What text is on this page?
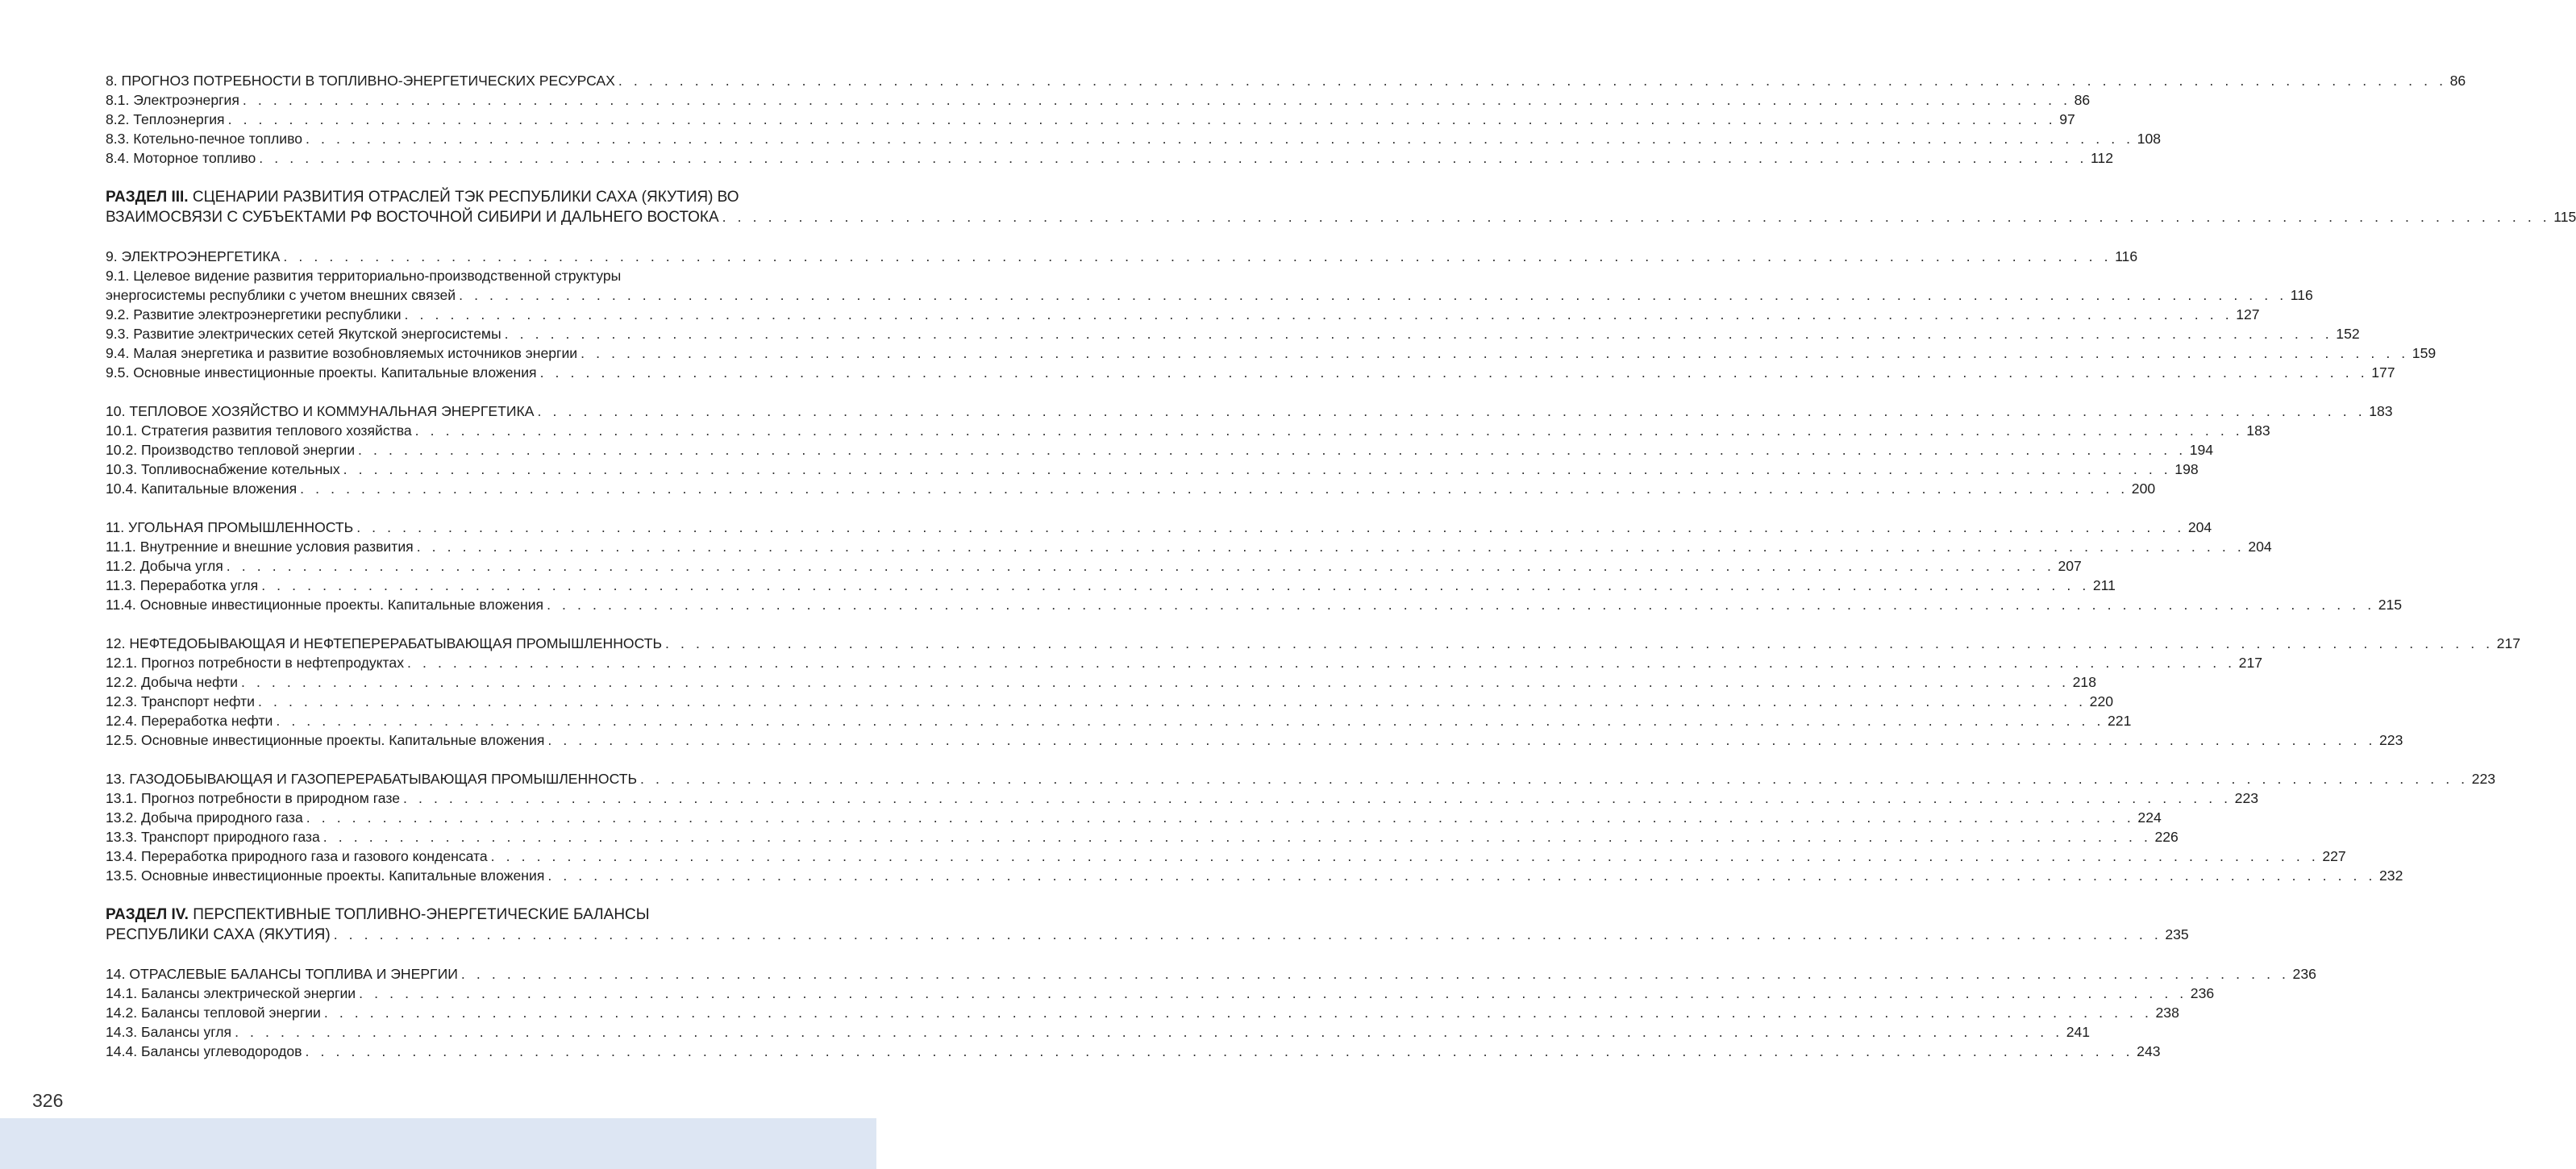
8. ПРОГНОЗ ПОТРЕБНОСТИ В ТОПЛИВНО-ЭНЕРГЕТИЧЕСКИХ РЕСУРСАХ . . . . . . . . . . . . . . . . . . . . . . . . . . . . . . . . . . . . . . . . . . . . . . . . . . . . . . . . . . . . . . . . . . . . . . . . . . . . . . . . . . . . . . . . . . . . . . . . . . . . . . . . . . . . . . . . . . . . . . . . 86
8.1. Электроэнергия . . . . . . . . . . . . . . . . . . . . . . . . . . . . . . . . . . . . . . . . . . . . . . . . . . . . . . . . . . . . . . . . . . . . . . . . . . . . . . . . . . . . . . . . . . . . . . . . . . . . . . . . . . . . . . . . . . . . . . . . 86
8.2. Теплоэнергия . . . . . . . . . . . . . . . . . . . . . . . . . . . . . . . . . . . . . . . . . . . . . . . . . . . . . . . . . . . . . . . . . . . . . . . . . . . . . . . . . . . . . . . . . . . . . . . . . . . . . . . . . . . . . . . . . . . . . . . . 97
8.3. Котельно-печное топливо . . . . . . . . . . . . . . . . . . . . . . . . . . . . . . . . . . . . . . . . . . . . . . . . . . . . . . . . . . . . . . . . . . . . . . . . . . . . . . . . . . . . . . . . . . . . . . . . . . . . . . . . . . . . . . . . . . . . . . . . 108
8.4. Моторное топливо . . . . . . . . . . . . . . . . . . . . . . . . . . . . . . . . . . . . . . . . . . . . . . . . . . . . . . . . . . . . . . . . . . . . . . . . . . . . . . . . . . . . . . . . . . . . . . . . . . . . . . . . . . . . . . . . . . . . . . . . 112
РАЗДЕЛ III. СЦЕНАРИИ РАЗВИТИЯ ОТРАСЛЕЙ ТЭК РЕСПУБЛИКИ САХА (ЯКУТИЯ) ВО
ВЗАИМОСВЯЗИ С СУБЪЕКТАМИ РФ ВОСТОЧНОЙ СИБИРИ И ДАЛЬНЕГО ВОСТОКА . . . . . . . . . . . . . . . . . . . . . . . . . . . . . . . . . . . . . . . . . . . . . . . . . . . . . . . . . . . . . . . . . . . . . . . . . . . . . . . . . . . . . . . . . . . . . . . . . . . . . . . . . . . . . . . . . . . . . . . . 115
9. ЭЛЕКТРОЭНЕРГЕТИКА . . . . . . . . . . . . . . . . . . . . . . . . . . . . . . . . . . . . . . . . . . . . . . . . . . . . . . . . . . . . . . . . . . . . . . . . . . . . . . . . . . . . . . . . . . . . . . . . . . . . . . . . . . . . . . . . . . . . . . . . 116
9.1. Целевое видение развития территориально-производственной структуры
энергосистемы республики с учетом внешних связей . . . . . . . . . . . . . . . . . . . . . . . . . . . . . . . . . . . . . . . . . . . . . . . . . . . . . . . . . . . . . . . . . . . . . . . . . . . . . . . . . . . . . . . . . . . . . . . . . . . . . . . . . . . . . . . . . . . . . . . . 116
9.2. Развитие электроэнергетики республики . . . . . . . . . . . . . . . . . . . . . . . . . . . . . . . . . . . . . . . . . . . . . . . . . . . . . . . . . . . . . . . . . . . . . . . . . . . . . . . . . . . . . . . . . . . . . . . . . . . . . . . . . . . . . . . . . . . . . . . . 127
9.3. Развитие электрических сетей Якутской энергосистемы . . . . . . . . . . . . . . . . . . . . . . . . . . . . . . . . . . . . . . . . . . . . . . . . . . . . . . . . . . . . . . . . . . . . . . . . . . . . . . . . . . . . . . . . . . . . . . . . . . . . . . . . . . . . . . . . . . . . . . . . 152
9.4. Малая энергетика и развитие возобновляемых источников энергии . . . . . . . . . . . . . . . . . . . . . . . . . . . . . . . . . . . . . . . . . . . . . . . . . . . . . . . . . . . . . . . . . . . . . . . . . . . . . . . . . . . . . . . . . . . . . . . . . . . . . . . . . . . . . . . . . . . . . . . . 159
9.5. Основные инвестиционные проекты. Капитальные вложения . . . . . . . . . . . . . . . . . . . . . . . . . . . . . . . . . . . . . . . . . . . . . . . . . . . . . . . . . . . . . . . . . . . . . . . . . . . . . . . . . . . . . . . . . . . . . . . . . . . . . . . . . . . . . . . . . . . . . . . . 177
10. ТЕПЛОВОЕ ХОЗЯЙСТВО И КОММУНАЛЬНАЯ ЭНЕРГЕТИКА . . . . . . . . . . . . . . . . . . . . . . . . . . . . . . . . . . . . . . . . . . . . . . . . . . . . . . . . . . . . . . . . . . . . . . . . . . . . . . . . . . . . . . . . . . . . . . . . . . . . . . . . . . . . . . . . . . . . . . . . 183
10.1. Стратегия развития теплового хозяйства . . . . . . . . . . . . . . . . . . . . . . . . . . . . . . . . . . . . . . . . . . . . . . . . . . . . . . . . . . . . . . . . . . . . . . . . . . . . . . . . . . . . . . . . . . . . . . . . . . . . . . . . . . . . . . . . . . . . . . . . 183
10.2. Производство тепловой энергии . . . . . . . . . . . . . . . . . . . . . . . . . . . . . . . . . . . . . . . . . . . . . . . . . . . . . . . . . . . . . . . . . . . . . . . . . . . . . . . . . . . . . . . . . . . . . . . . . . . . . . . . . . . . . . . . . . . . . . . . 194
10.3. Топливоснабжение котельных . . . . . . . . . . . . . . . . . . . . . . . . . . . . . . . . . . . . . . . . . . . . . . . . . . . . . . . . . . . . . . . . . . . . . . . . . . . . . . . . . . . . . . . . . . . . . . . . . . . . . . . . . . . . . . . . . . . . . . . . 198
10.4. Капитальные вложения . . . . . . . . . . . . . . . . . . . . . . . . . . . . . . . . . . . . . . . . . . . . . . . . . . . . . . . . . . . . . . . . . . . . . . . . . . . . . . . . . . . . . . . . . . . . . . . . . . . . . . . . . . . . . . . . . . . . . . . . 200
11. УГОЛЬНАЯ ПРОМЫШЛЕННОСТЬ . . . . . . . . . . . . . . . . . . . . . . . . . . . . . . . . . . . . . . . . . . . . . . . . . . . . . . . . . . . . . . . . . . . . . . . . . . . . . . . . . . . . . . . . . . . . . . . . . . . . . . . . . . . . . . . . . . . . . . . . 204
11.1. Внутренние и внешние условия развития . . . . . . . . . . . . . . . . . . . . . . . . . . . . . . . . . . . . . . . . . . . . . . . . . . . . . . . . . . . . . . . . . . . . . . . . . . . . . . . . . . . . . . . . . . . . . . . . . . . . . . . . . . . . . . . . . . . . . . . . 204
11.2. Добыча угля . . . . . . . . . . . . . . . . . . . . . . . . . . . . . . . . . . . . . . . . . . . . . . . . . . . . . . . . . . . . . . . . . . . . . . . . . . . . . . . . . . . . . . . . . . . . . . . . . . . . . . . . . . . . . . . . . . . . . . . . 207
11.3. Переработка угля . . . . . . . . . . . . . . . . . . . . . . . . . . . . . . . . . . . . . . . . . . . . . . . . . . . . . . . . . . . . . . . . . . . . . . . . . . . . . . . . . . . . . . . . . . . . . . . . . . . . . . . . . . . . . . . . . . . . . . . . 211
11.4. Основные инвестиционные проекты. Капитальные вложения . . . . . . . . . . . . . . . . . . . . . . . . . . . . . . . . . . . . . . . . . . . . . . . . . . . . . . . . . . . . . . . . . . . . . . . . . . . . . . . . . . . . . . . . . . . . . . . . . . . . . . . . . . . . . . . . . . . . . . . . 215
12. НЕФТЕДОБЫВАЮЩАЯ И НЕФТЕПЕРЕРАБАТЫВАЮЩАЯ ПРОМЫШЛЕННОСТЬ . . . . . . . . . . . . . . . . . . . . . . . . . . . . . . . . . . . . . . . . . . . . . . . . . . . . . . . . . . . . . . . . . . . . . . . . . . . . . . . . . . . . . . . . . . . . . . . . . . . . . . . . . . . . . . . . . . . . . . . . 217
12.1. Прогноз потребности в нефтепродуктах . . . . . . . . . . . . . . . . . . . . . . . . . . . . . . . . . . . . . . . . . . . . . . . . . . . . . . . . . . . . . . . . . . . . . . . . . . . . . . . . . . . . . . . . . . . . . . . . . . . . . . . . . . . . . . . . . . . . . . . . 217
12.2. Добыча нефти . . . . . . . . . . . . . . . . . . . . . . . . . . . . . . . . . . . . . . . . . . . . . . . . . . . . . . . . . . . . . . . . . . . . . . . . . . . . . . . . . . . . . . . . . . . . . . . . . . . . . . . . . . . . . . . . . . . . . . . . 218
12.3. Транспорт нефти . . . . . . . . . . . . . . . . . . . . . . . . . . . . . . . . . . . . . . . . . . . . . . . . . . . . . . . . . . . . . . . . . . . . . . . . . . . . . . . . . . . . . . . . . . . . . . . . . . . . . . . . . . . . . . . . . . . . . . . . 220
12.4. Переработка нефти . . . . . . . . . . . . . . . . . . . . . . . . . . . . . . . . . . . . . . . . . . . . . . . . . . . . . . . . . . . . . . . . . . . . . . . . . . . . . . . . . . . . . . . . . . . . . . . . . . . . . . . . . . . . . . . . . . . . . . . . 221
12.5. Основные инвестиционные проекты. Капитальные вложения . . . . . . . . . . . . . . . . . . . . . . . . . . . . . . . . . . . . . . . . . . . . . . . . . . . . . . . . . . . . . . . . . . . . . . . . . . . . . . . . . . . . . . . . . . . . . . . . . . . . . . . . . . . . . . . . . . . . . . . . 223
13. ГАЗОДОБЫВАЮЩАЯ И ГАЗОПЕРЕРАБАТЫВАЮЩАЯ ПРОМЫШЛЕННОСТЬ . . . . . . . . . . . . . . . . . . . . . . . . . . . . . . . . . . . . . . . . . . . . . . . . . . . . . . . . . . . . . . . . . . . . . . . . . . . . . . . . . . . . . . . . . . . . . . . . . . . . . . . . . . . . . . . . . . . . . . . . 223
13.1. Прогноз потребности в природном газе . . . . . . . . . . . . . . . . . . . . . . . . . . . . . . . . . . . . . . . . . . . . . . . . . . . . . . . . . . . . . . . . . . . . . . . . . . . . . . . . . . . . . . . . . . . . . . . . . . . . . . . . . . . . . . . . . . . . . . . . 223
13.2. Добыча природного газа . . . . . . . . . . . . . . . . . . . . . . . . . . . . . . . . . . . . . . . . . . . . . . . . . . . . . . . . . . . . . . . . . . . . . . . . . . . . . . . . . . . . . . . . . . . . . . . . . . . . . . . . . . . . . . . . . . . . . . . . 224
13.3. Транспорт природного газа . . . . . . . . . . . . . . . . . . . . . . . . . . . . . . . . . . . . . . . . . . . . . . . . . . . . . . . . . . . . . . . . . . . . . . . . . . . . . . . . . . . . . . . . . . . . . . . . . . . . . . . . . . . . . . . . . . . . . . . . 226
13.4. Переработка природного газа и газового конденсата . . . . . . . . . . . . . . . . . . . . . . . . . . . . . . . . . . . . . . . . . . . . . . . . . . . . . . . . . . . . . . . . . . . . . . . . . . . . . . . . . . . . . . . . . . . . . . . . . . . . . . . . . . . . . . . . . . . . . . . . 227
13.5. Основные инвестиционные проекты. Капитальные вложения . . . . . . . . . . . . . . . . . . . . . . . . . . . . . . . . . . . . . . . . . . . . . . . . . . . . . . . . . . . . . . . . . . . . . . . . . . . . . . . . . . . . . . . . . . . . . . . . . . . . . . . . . . . . . . . . . . . . . . . . 232
РАЗДЕЛ IV. ПЕРСПЕКТИВНЫЕ ТОПЛИВНО-ЭНЕРГЕТИЧЕСКИЕ БАЛАНСЫ
РЕСПУБЛИКИ САХА (ЯКУТИЯ) . . . . . . . . . . . . . . . . . . . . . . . . . . . . . . . . . . . . . . . . . . . . . . . . . . . . . . . . . . . . . . . . . . . . . . . . . . . . . . . . . . . . . . . . . . . . . . . . . . . . . . . . . . . . . . . . . . . . . . . . 235
14. ОТРАСЛЕВЫЕ БАЛАНСЫ ТОПЛИВА И ЭНЕРГИИ . . . . . . . . . . . . . . . . . . . . . . . . . . . . . . . . . . . . . . . . . . . . . . . . . . . . . . . . . . . . . . . . . . . . . . . . . . . . . . . . . . . . . . . . . . . . . . . . . . . . . . . . . . . . . . . . . . . . . . . . 236
14.1. Балансы электрической энергии . . . . . . . . . . . . . . . . . . . . . . . . . . . . . . . . . . . . . . . . . . . . . . . . . . . . . . . . . . . . . . . . . . . . . . . . . . . . . . . . . . . . . . . . . . . . . . . . . . . . . . . . . . . . . . . . . . . . . . . . 236
14.2. Балансы тепловой энергии . . . . . . . . . . . . . . . . . . . . . . . . . . . . . . . . . . . . . . . . . . . . . . . . . . . . . . . . . . . . . . . . . . . . . . . . . . . . . . . . . . . . . . . . . . . . . . . . . . . . . . . . . . . . . . . . . . . . . . . . 238
14.3. Балансы угля . . . . . . . . . . . . . . . . . . . . . . . . . . . . . . . . . . . . . . . . . . . . . . . . . . . . . . . . . . . . . . . . . . . . . . . . . . . . . . . . . . . . . . . . . . . . . . . . . . . . . . . . . . . . . . . . . . . . . . . . 241
14.4. Балансы углеводородов . . . . . . . . . . . . . . . . . . . . . . . . . . . . . . . . . . . . . . . . . . . . . . . . . . . . . . . . . . . . . . . . . . . . . . . . . . . . . . . . . . . . . . . . . . . . . . . . . . . . . . . . . . . . . . . . . . . . . . . . 243
326
